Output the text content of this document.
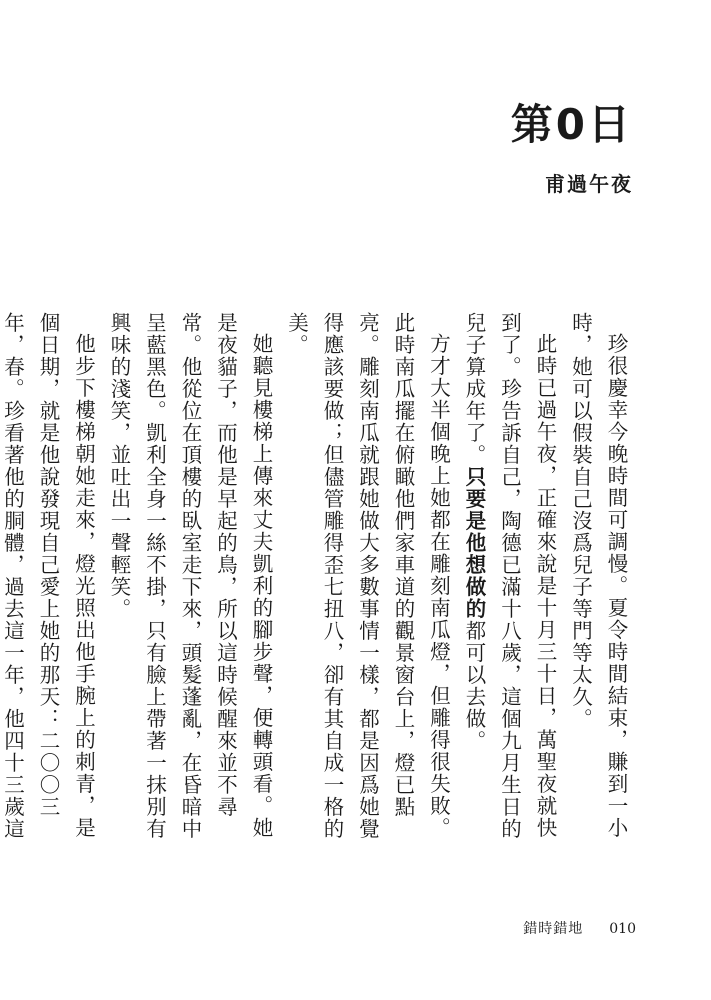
第0日
甫過午夜

珍很慶幸今晚時間可調慢。夏令時間結束，賺到一小時，她可以假裝自己沒爲兒子等門等太久。

此時已過午夜，正確來說是十月三十日，萬聖夜就快到了。珍告訴自己，陶德已滿十八歲，這個九月生日的兒子算成年了。只要是他想做的都可以去做。

方才大半個晚上她都在雕刻南瓜燈，但雕得很失敗。此時南瓜擺在俯瞰他們家車道的觀景窗台上，燈已點亮。雕刻南瓜就跟她做大多數事情一樣，都是因爲她覺得應該要做；但儘管雕得歪七扭八，卻有其自成一格的美。

她聽見樓梯上傳來丈夫凱利的腳步聲，便轉頭看。她是夜貓子，而他是早起的鳥，所以這時候醒來並不尋常。他從位在頂樓的臥室走下來，頭髮蓬亂，在昏暗中呈藍黑色。凱利全身一絲不掛，只有臉上帶著一抹別有興味的淺笑，並吐出一聲輕笑。

他步下樓梯朝她走來，燈光照出他手腕上的刺青，是個日期，就是他說發現自己愛上她的那天：二〇〇三年，春。珍看著他的胴體，過去這一年，他四十三歲這

錯時錯地 010
